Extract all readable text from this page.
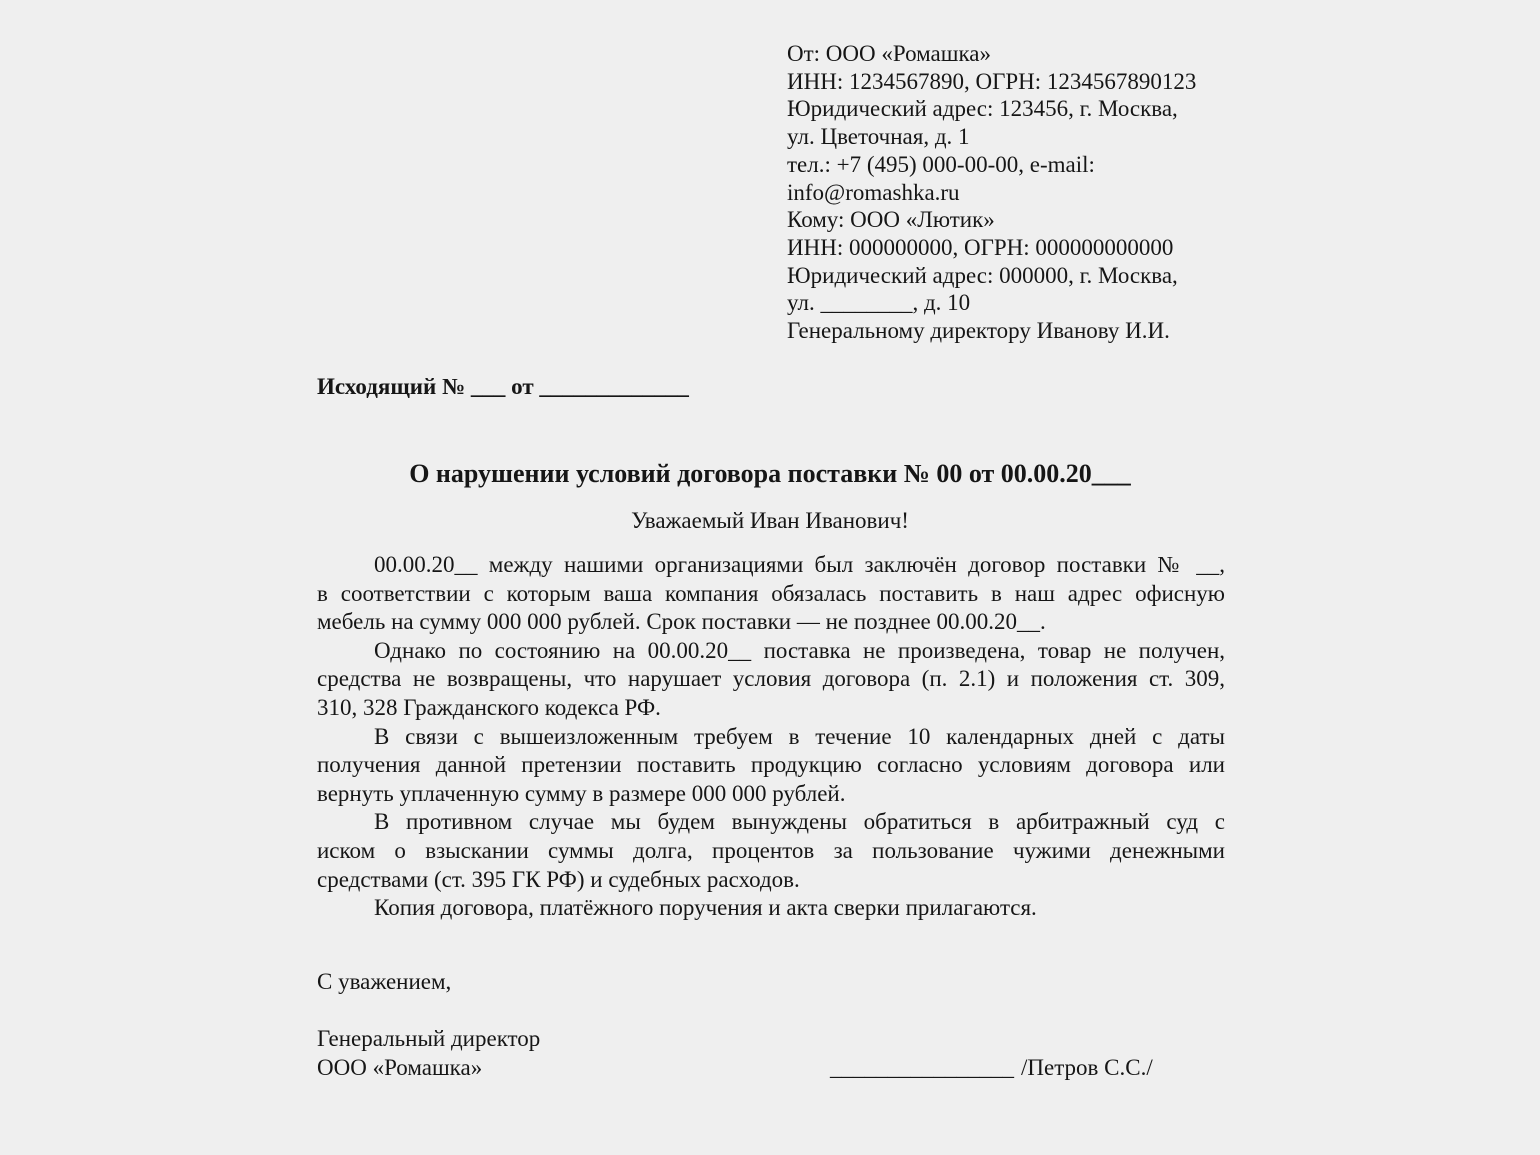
От: ООО «Ромашка»
ИНН: 1234567890, ОГРН: 1234567890123
Юридический адрес: 123456, г. Москва,
ул. Цветочная, д. 1
тел.: +7 (495) 000-00-00, e-mail:
info@romashka.ru
Кому: ООО «Лютик»
ИНН: 000000000, ОГРН: 000000000000
Юридический адрес: 000000, г. Москва,
ул. ________, д. 10
Генеральному директору Иванову И.И.
Исходящий № ___ от _____________
О нарушении условий договора поставки № 00 от 00.00.20___
Уважаемый Иван Иванович!
00.00.20__ между нашими организациями был заключён договор поставки № __,
в соответствии с которым ваша компания обязалась поставить в наш адрес офисную
мебель на сумму 000 000 рублей. Срок поставки — не позднее 00.00.20__.
Однако по состоянию на 00.00.20__ поставка не произведена, товар не получен,
средства не возвращены, что нарушает условия договора (п. 2.1) и положения ст. 309,
310, 328 Гражданского кодекса РФ.
В связи с вышеизложенным требуем в течение 10 календарных дней с даты
получения данной претензии поставить продукцию согласно условиям договора или
вернуть уплаченную сумму в размере 000 000 рублей.
В противном случае мы будем вынуждены обратиться в арбитражный суд с
иском о взыскании суммы долга, процентов за пользование чужими денежными
средствами (ст. 395 ГК РФ) и судебных расходов.
Копия договора, платёжного поручения и акта сверки прилагаются.
С уважением,
Генеральный директор
ООО «Ромашка»	________________ /Петров С.С./
